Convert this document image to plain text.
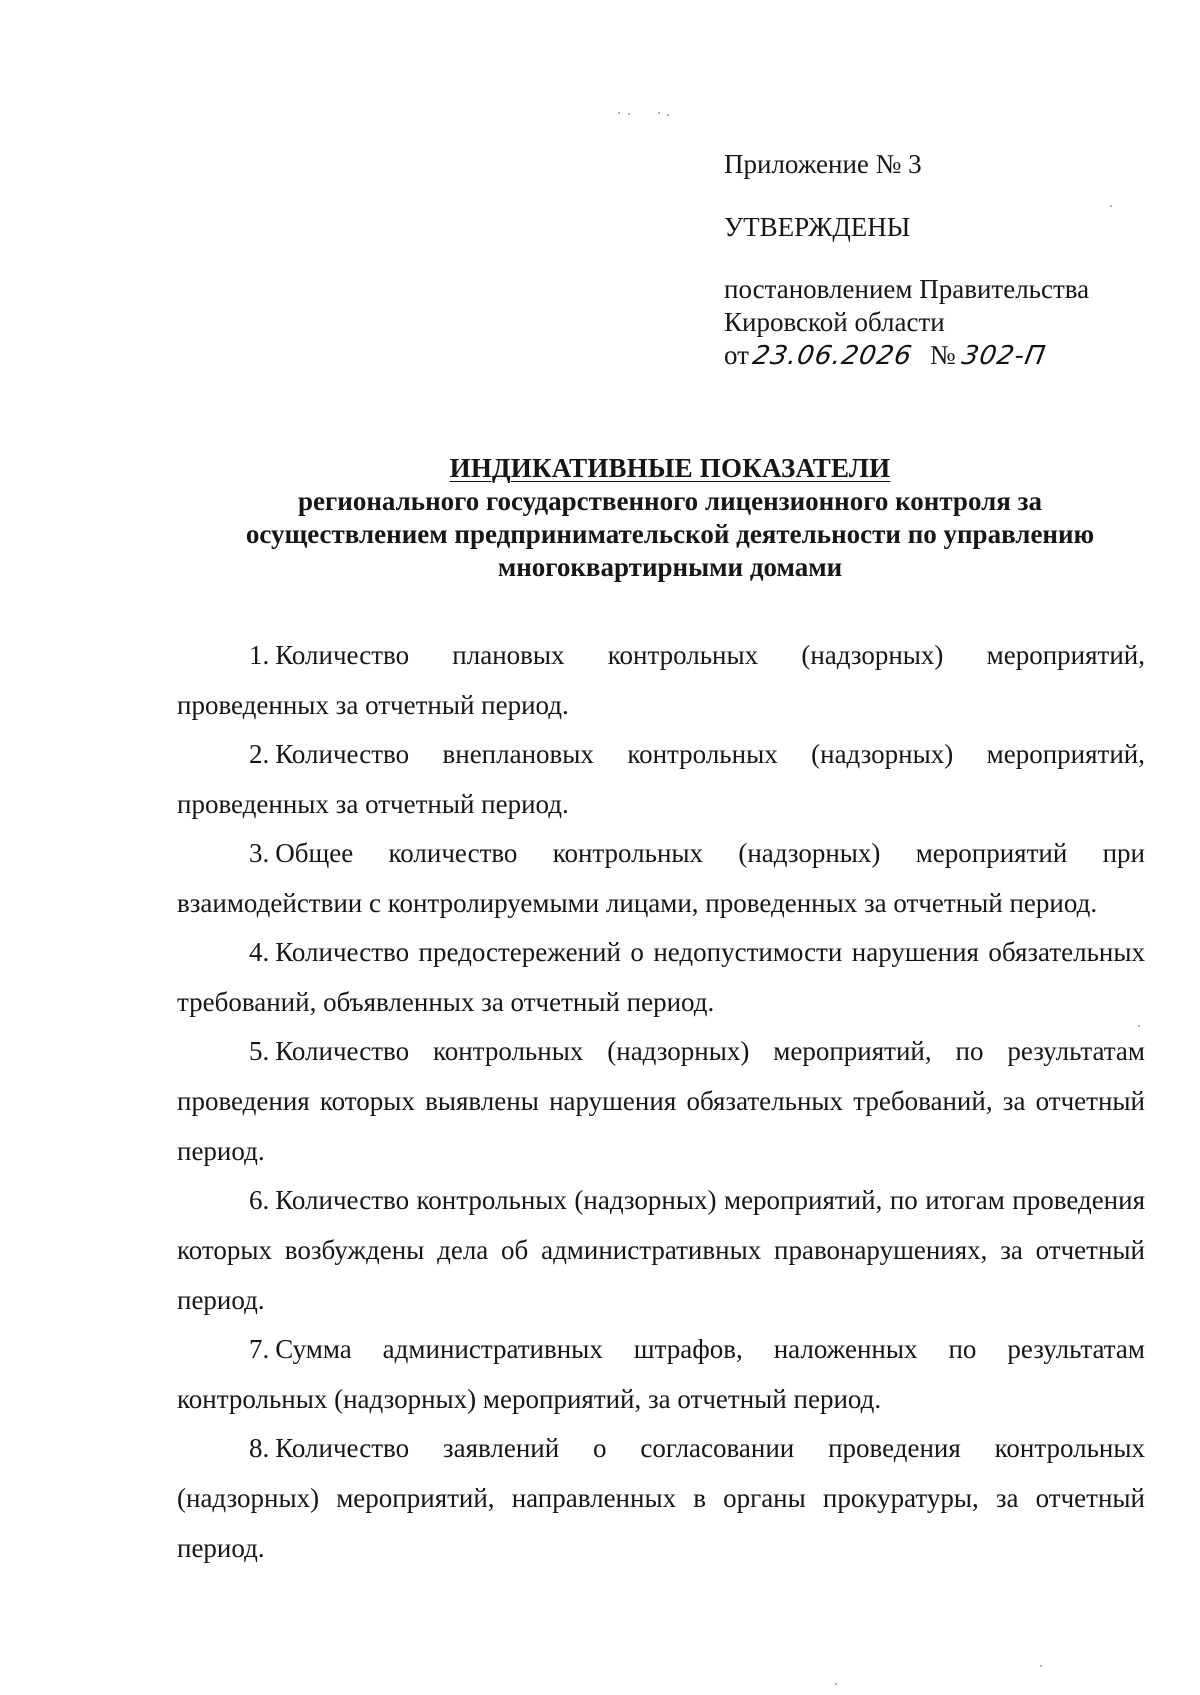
Приложение № 3
УТВЕРЖДЕНЫ
постановлением Правительства
Кировской области
от23.06.2026 № 302-П
ИНДИКАТИВНЫЕ ПОКАЗАТЕЛИ
регионального государственного лицензионного контроля за
осуществлением предпринимательской деятельности по управлению
многоквартирными домами
1. Количество плановых контрольных (надзорных) мероприятий, проведенных за отчетный период.
2. Количество внеплановых контрольных (надзорных) мероприятий, проведенных за отчетный период.
3. Общее количество контрольных (надзорных) мероприятий при взаимодействии с контролируемыми лицами, проведенных за отчетный период.
4. Количество предостережений о недопустимости нарушения обязательных требований, объявленных за отчетный период.
5. Количество контрольных (надзорных) мероприятий, по результатам проведения которых выявлены нарушения обязательных требований, за отчетный период.
6. Количество контрольных (надзорных) мероприятий, по итогам проведения которых возбуждены дела об административных правонарушениях, за отчетный период.
7. Сумма административных штрафов, наложенных по результатам контрольных (надзорных) мероприятий, за отчетный период.
8. Количество заявлений о согласовании проведения контрольных (надзорных) мероприятий, направленных в органы прокуратуры, за отчетный период.
